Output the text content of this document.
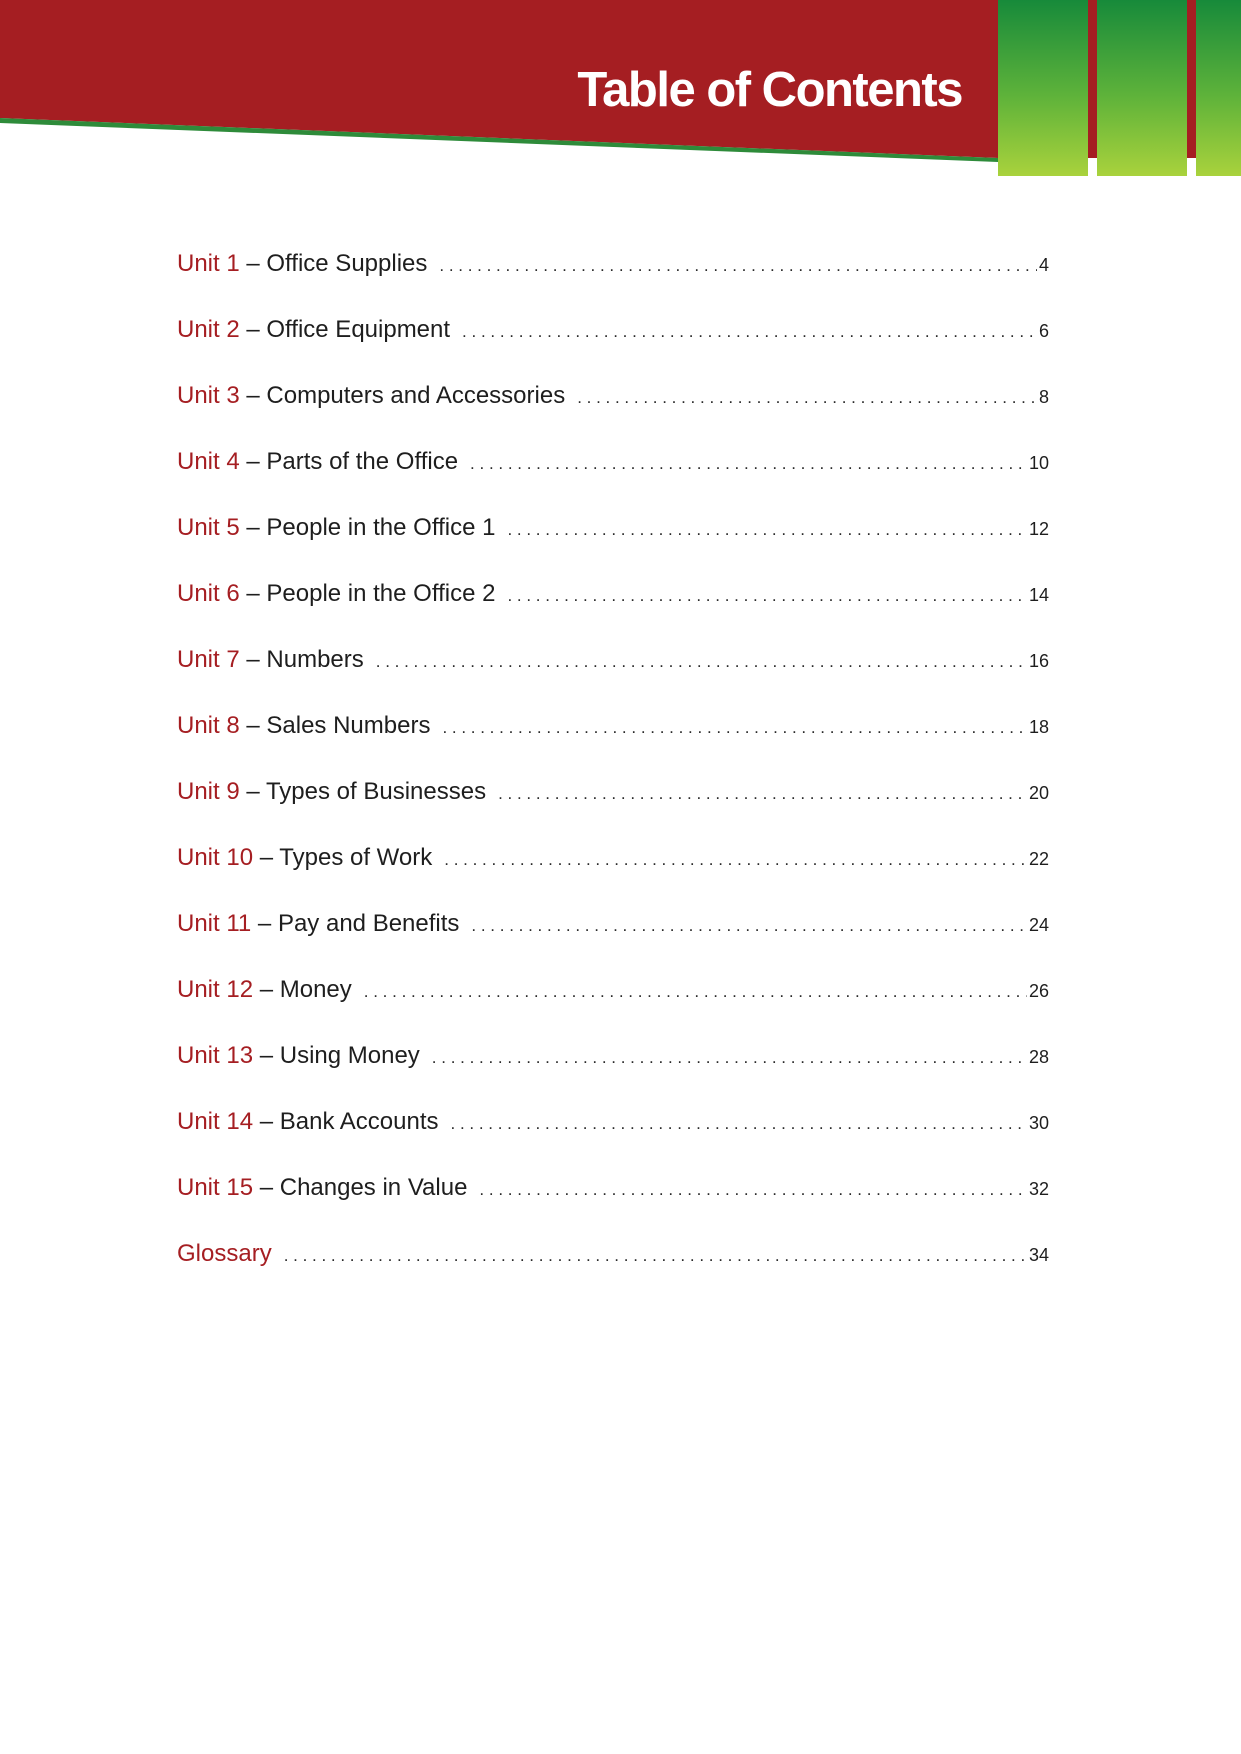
Table of Contents
Unit 1 – Office Supplies . . .	4
Unit 2 – Office Equipment . . .	6
Unit 3 – Computers and Accessories . . .	8
Unit 4 – Parts of the Office . . .	10
Unit 5 – People in the Office 1 . . .	12
Unit 6 – People in the Office 2 . . .	14
Unit 7 – Numbers . . .	16
Unit 8 – Sales Numbers . . .	18
Unit 9 – Types of Businesses . . .	20
Unit 10 – Types of Work . . .	22
Unit 11 – Pay and Benefits . . .	24
Unit 12 – Money . . .	26
Unit 13 – Using Money . . .	28
Unit 14 – Bank Accounts . . .	30
Unit 15 – Changes in Value . . .	32
Glossary . . .	34
